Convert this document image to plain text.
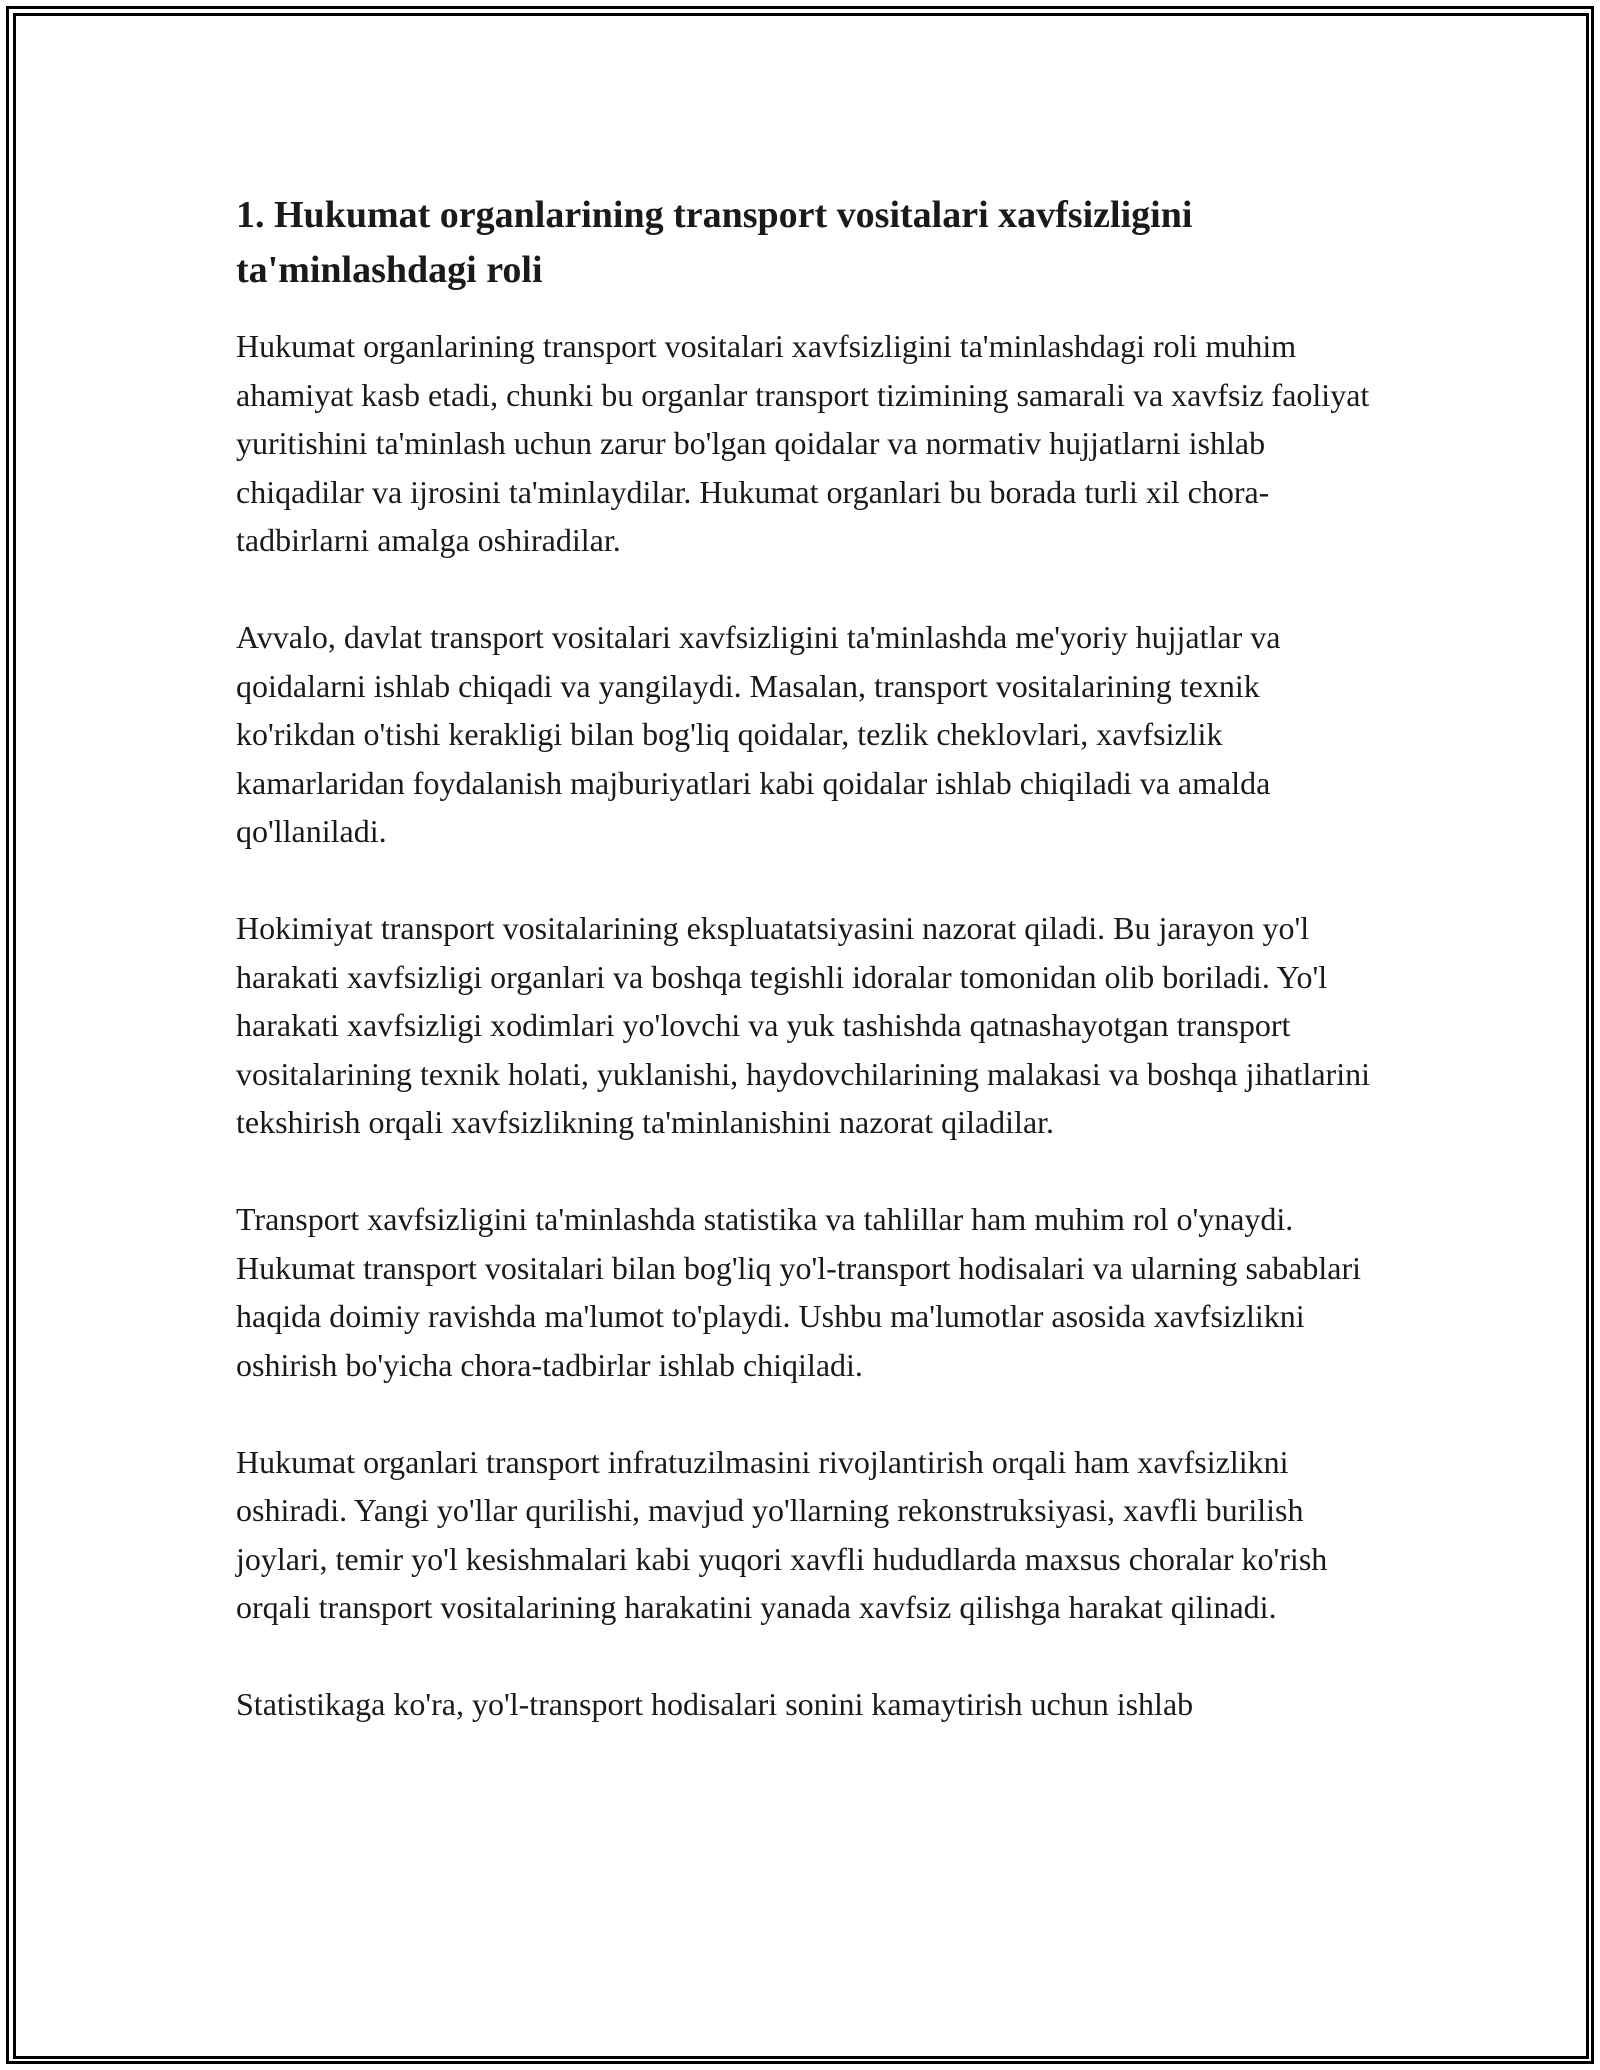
1. Hukumat organlarining transport vositalari xavfsizligini ta'minlashdagi roli

Hukumat organlarining transport vositalari xavfsizligini ta'minlashdagi roli muhim ahamiyat kasb etadi, chunki bu organlar transport tizimining samarali va xavfsiz faoliyat yuritishini ta'minlash uchun zarur bo'lgan qoidalar va normativ hujjatlarni ishlab chiqadilar va ijrosini ta'minlaydilar. Hukumat organlari bu borada turli xil chora-tadbirlarni amalga oshiradilar.

Avvalo, davlat transport vositalari xavfsizligini ta'minlashda me'yoriy hujjatlar va qoidalarni ishlab chiqadi va yangilaydi. Masalan, transport vositalarining texnik ko'rikdan o'tishi kerakligi bilan bog'liq qoidalar, tezlik cheklovlari, xavfsizlik kamarlaridan foydalanish majburiyatlari kabi qoidalar ishlab chiqiladi va amalda qo'llaniladi.

Hokimiyat transport vositalarining ekspluatatsiyasini nazorat qiladi. Bu jarayon yo'l harakati xavfsizligi organlari va boshqa tegishli idoralar tomonidan olib boriladi. Yo'l harakati xavfsizligi xodimlari yo'lovchi va yuk tashishda qatnashayotgan transport vositalarining texnik holati, yuklanishi, haydovchilarining malakasi va boshqa jihatlarini tekshirish orqali xavfsizlikning ta'minlanishini nazorat qiladilar.

Transport xavfsizligini ta'minlashda statistika va tahlillar ham muhim rol o'ynaydi. Hukumat transport vositalari bilan bog'liq yo'l-transport hodisalari va ularning sabablari haqida doimiy ravishda ma'lumot to'playdi. Ushbu ma'lumotlar asosida xavfsizlikni oshirish bo'yicha chora-tadbirlar ishlab chiqiladi.

Hukumat organlari transport infratuzilmasini rivojlantirish orqali ham xavfsizlikni oshiradi. Yangi yo'llar qurilishi, mavjud yo'llarning rekonstruksiyasi, xavfli burilish joylari, temir yo'l kesishmalari kabi yuqori xavfli hududlarda maxsus choralar ko'rish orqali transport vositalarining harakatini yanada xavfsiz qilishga harakat qilinadi.

Statistikaga ko'ra, yo'l-transport hodisalari sonini kamaytirish uchun ishlab
